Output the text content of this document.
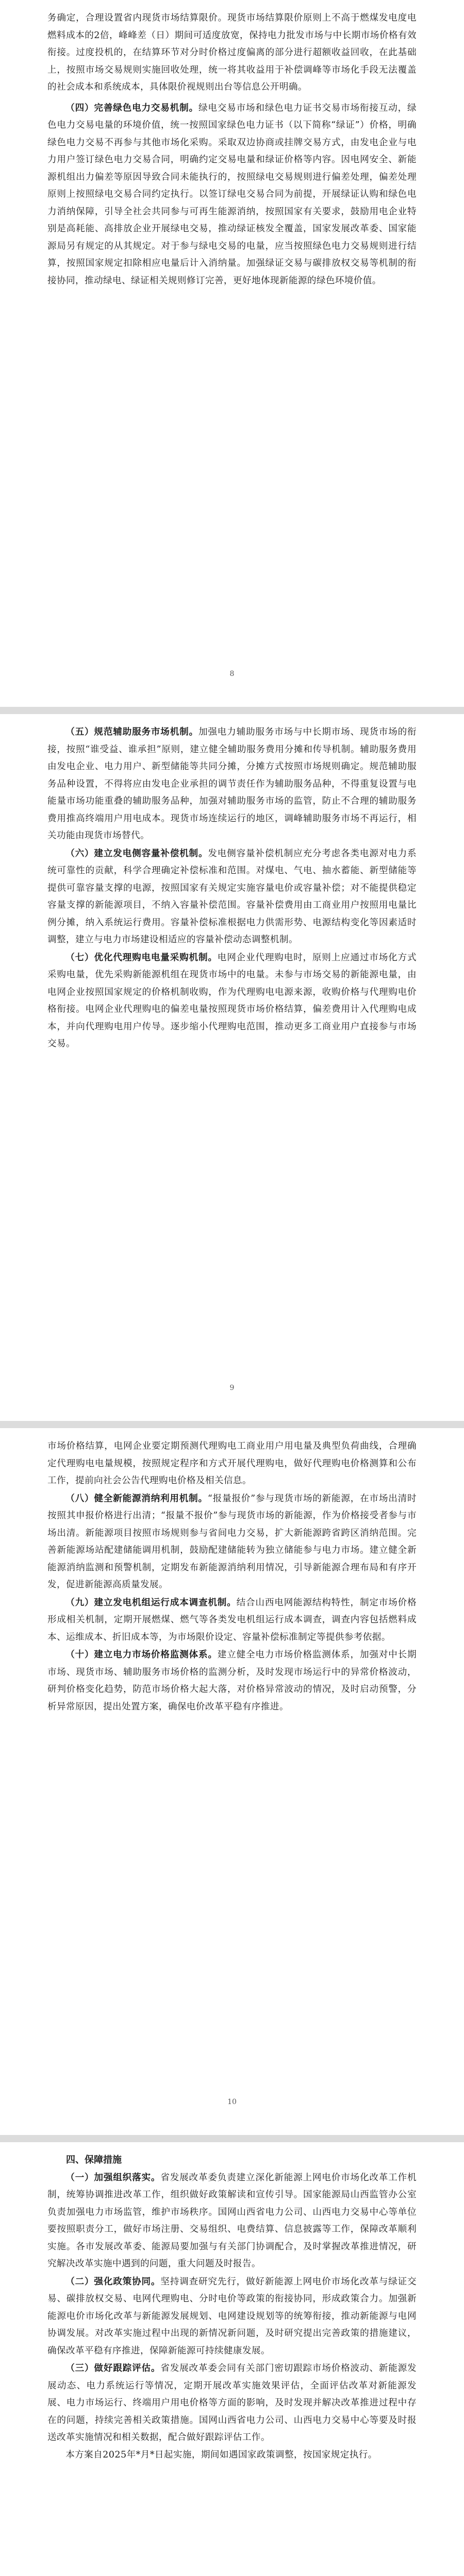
务确定，合理设置省内现货市场结算限价。现货市场结算限价原则上不高于燃煤发电度电燃料成本的2倍，峰峰差（日）期间可适度放宽，保持电力批发市场与中长期市场价格有效衔接。过度投机的，在结算环节对分时价格过度偏离的部分进行超额收益回收，在此基础上，按照市场交易规则实施回收处理，统一将其收益用于补偿调峰等市场化手段无法覆盖的社会成本和系统成本，具体限价视规则出台等信息公开明确。

（四）完善绿色电力交易机制。绿电交易市场和绿色电力证书交易市场衔接互动，绿色电力交易电量的环境价值，统一按照国家绿色电力证书（以下简称“绿证”）价格，明确绿色电力交易不再参与其他市场化采购。采取双边协商或挂牌交易方式，由发电企业与电力用户签订绿色电力交易合同，明确约定交易电量和绿证价格等内容。因电网安全、新能源机组出力偏差等原因导致合同未能执行的，按照绿电交易规则进行偏差处理，偏差处理原则上按照绿电交易合同约定执行。以签订绿电交易合同为前提，开展绿证认购和绿色电力消纳保障，引导全社会共同参与可再生能源消纳，按照国家有关要求，鼓励用电企业特别是高耗能、高排放企业开展绿电交易，推动绿证核发全覆盖，国家发展改革委、国家能源局另有规定的从其规定。对于参与绿电交易的电量，应当按照绿色电力交易规则进行结算，按照国家规定扣除相应电量后计入消纳量。加强绿证交易与碳排放权交易等机制的衔接协同，推动绿电、绿证相关规则修订完善，更好地体现新能源的绿色环境价值。

8

（五）规范辅助服务市场机制。加强电力辅助服务市场与中长期市场、现货市场的衔接，按照“谁受益、谁承担”原则，建立健全辅助服务费用分摊和传导机制。辅助服务费用由发电企业、电力用户、新型储能等共同分摊，分摊方式按照市场规则确定。规范辅助服务品种设置，不得将应由发电企业承担的调节责任作为辅助服务品种，不得重复设置与电能量市场功能重叠的辅助服务品种，加强对辅助服务市场的监管，防止不合理的辅助服务费用推高终端用户用电成本。现货市场连续运行的地区，调峰辅助服务市场不再运行，相关功能由现货市场替代。

（六）建立发电侧容量补偿机制。发电侧容量补偿机制应充分考虑各类电源对电力系统可靠性的贡献，科学合理确定补偿标准和范围。对煤电、气电、抽水蓄能、新型储能等提供可靠容量支撑的电源，按照国家有关规定实施容量电价或容量补偿；对不能提供稳定容量支撑的新能源项目，不纳入容量补偿范围。容量补偿费用由工商业用户按照用电量比例分摊，纳入系统运行费用。容量补偿标准根据电力供需形势、电源结构变化等因素适时调整，建立与电力市场建设相适应的容量补偿动态调整机制。

（七）优化代理购电电量采购机制。电网企业代理购电时，原则上应通过市场化方式采购电量，优先采购新能源机组在现货市场中的电量。未参与市场交易的新能源电量，由电网企业按照国家规定的价格机制收购，作为代理购电电源来源，收购价格与代理购电价格衔接。电网企业代理购电的偏差电量按照现货市场价格结算，偏差费用计入代理购电成本，并向代理购电用户传导。逐步缩小代理购电范围，推动更多工商业用户直接参与市场交易。

9

市场价格结算，电网企业要定期预测代理购电工商业用户用电量及典型负荷曲线，合理确定代理购电电量规模，按照规定程序和方式开展代理购电，做好代理购电价格测算和公布工作，提前向社会公告代理购电价格及相关信息。

（八）健全新能源消纳利用机制。“报量报价”参与现货市场的新能源，在市场出清时按照其申报价格进行出清；“报量不报价”参与现货市场的新能源，作为价格接受者参与市场出清。新能源项目按照市场规则参与省间电力交易，扩大新能源跨省跨区消纳范围。完善新能源场站配建储能调用机制，鼓励配建储能转为独立储能参与电力市场。建立健全新能源消纳监测和预警机制，定期发布新能源消纳利用情况，引导新能源合理布局和有序开发，促进新能源高质量发展。

（九）建立发电机组运行成本调查机制。结合山西电网能源结构特性，制定市场价格形成相关机制，定期开展燃煤、燃气等各类发电机组运行成本调查，调查内容包括燃料成本、运维成本、折旧成本等，为市场限价设定、容量补偿标准制定等提供参考依据。

（十）建立电力市场价格监测体系。建立健全电力市场价格监测体系，加强对中长期市场、现货市场、辅助服务市场价格的监测分析，及时发现市场运行中的异常价格波动，研判价格变化趋势，防范市场价格大起大落，对价格异常波动的情况，及时启动预警，分析异常原因，提出处置方案，确保电价改革平稳有序推进。

10

四、保障措施

（一）加强组织落实。省发展改革委负责建立深化新能源上网电价市场化改革工作机制，统筹协调推进改革工作，组织做好政策解读和宣传引导。国家能源局山西监管办公室负责加强电力市场监管，维护市场秩序。国网山西省电力公司、山西电力交易中心等单位要按照职责分工，做好市场注册、交易组织、电费结算、信息披露等工作，保障改革顺利实施。各市发展改革委、能源局要加强与有关部门协调配合，及时掌握改革推进情况，研究解决改革实施中遇到的问题，重大问题及时报告。

（二）强化政策协同。坚持调查研究先行，做好新能源上网电价市场化改革与绿证交易、碳排放权交易、电网代理购电、分时电价等政策的衔接协同，形成政策合力。加强新能源电价市场化改革与新能源发展规划、电网建设规划等的统筹衔接，推动新能源与电网协调发展。对改革实施过程中出现的新情况新问题，及时研究提出完善政策的措施建议，确保改革平稳有序推进，保障新能源可持续健康发展。

（三）做好跟踪评估。省发展改革委会同有关部门密切跟踪市场价格波动、新能源发展动态、电力系统运行等情况，定期开展改革实施效果评估，全面评估改革对新能源发展、电力市场运行、终端用户用电价格等方面的影响，及时发现并解决改革推进过程中存在的问题，持续完善相关政策措施。国网山西省电力公司、山西电力交易中心等要及时报送改革实施情况和相关数据，配合做好跟踪评估工作。

本方案自2025年*月*日起实施，期间如遇国家政策调整，按国家规定执行。
